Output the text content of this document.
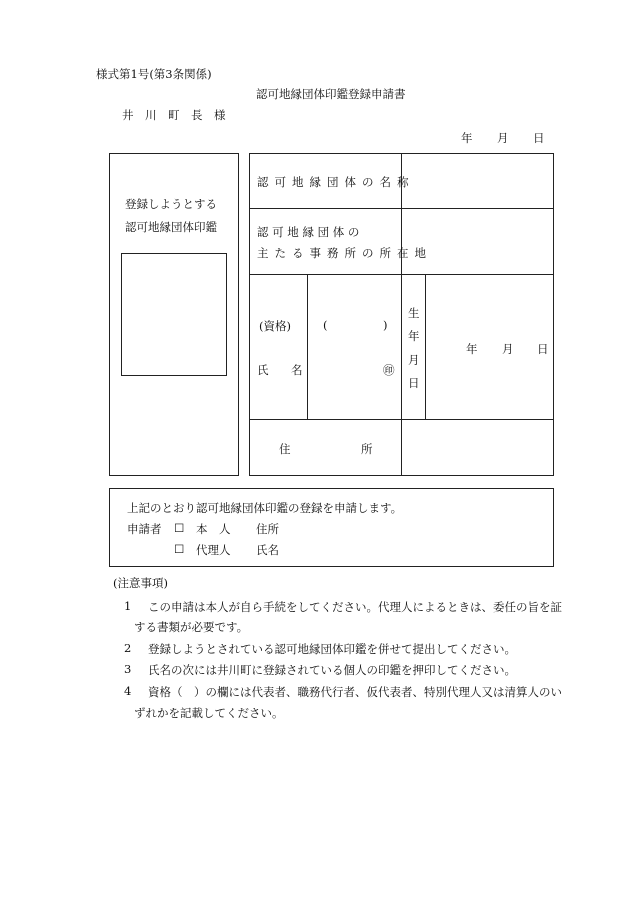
様式第1号(第3条関係)
認可地縁団体印鑑登録申請書
井　川　町　長　様
年 月 日
登録しようとする
認可地縁団体印鑑
認可地縁団体の名称
認 可 地 縁 団 体 の
主たる事務所の所在地
(資格)	(	)
氏 名	㊞
生
年
月
日
年 月 日
住	所
上記のとおり認可地縁団体印鑑の登録を申請します。
申請者 ☐ 本　人 住所
☐ 代理人 氏名
(注意事項)
1 この申請は本人が自ら手続をしてください。代理人によるときは、委任の旨を証
する書類が必要です。
2 登録しようとされている認可地縁団体印鑑を併せて提出してください。
3 氏名の次には井川町に登録されている個人の印鑑を押印してください。
4 資格（　）の欄には代表者、職務代行者、仮代表者、特別代理人又は清算人のい
ずれかを記載してください。
